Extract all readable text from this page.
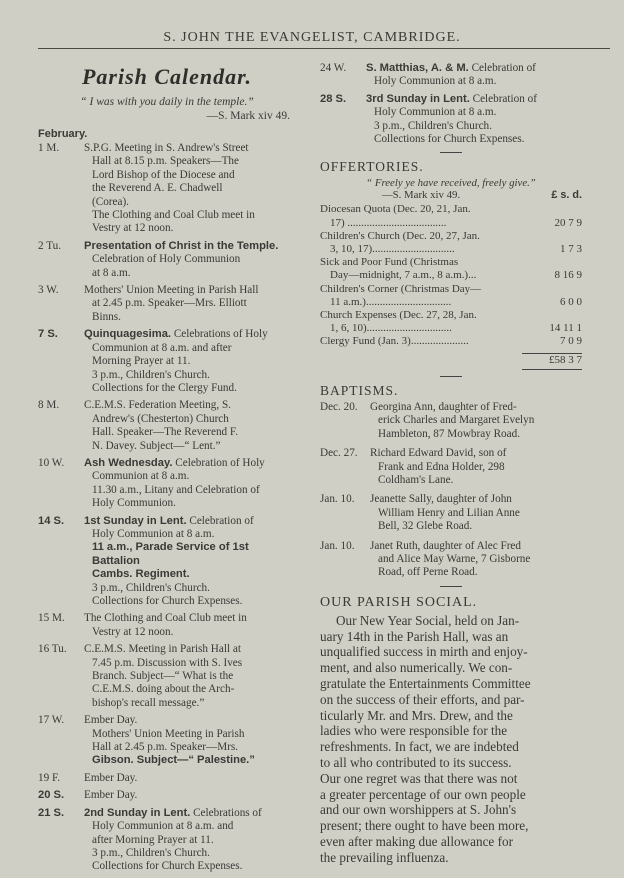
S. JOHN THE EVANGELIST, CAMBRIDGE.
Parish Calendar.
“ I was with you daily in the temple.”
—S. Mark xiv 49.
February.
1 M.	S.P.G. Meeting in S. Andrew's Street
Hall at 8.15 p.m. Speakers—The
Lord Bishop of the Diocese and
the Reverend A. E. Chadwell
(Corea).
The Clothing and Coal Club meet in
Vestry at 12 noon.
2 Tu.	Presentation of Christ in the Temple.
Celebration of Holy Communion
at 8 a.m.
3 W.	Mothers' Union Meeting in Parish Hall
at 2.45 p.m. Speaker—Mrs. Elliott
Binns.
7 S.	Quinquagesima. Celebrations of Holy
Communion at 8 a.m. and after
Morning Prayer at 11.
3 p.m., Children's Church.
Collections for the Clergy Fund.
8 M.	C.E.M.S. Federation Meeting, S.
Andrew's (Chesterton) Church
Hall. Speaker—The Reverend F.
N. Davey. Subject—“ Lent.”
10 W.	Ash Wednesday. Celebration of Holy
Communion at 8 a.m.
11.30 a.m., Litany and Celebration of
Holy Communion.
14 S.	1st Sunday in Lent. Celebration of
Holy Communion at 8 a.m.
11 a.m., Parade Service of 1st Battalion
Cambs. Regiment.
3 p.m., Children's Church.
Collections for Church Expenses.
15 M.	The Clothing and Coal Club meet in
Vestry at 12 noon.
16 Tu.	C.E.M.S. Meeting in Parish Hall at
7.45 p.m. Discussion with S. Ives
Branch. Subject—“ What is the
C.E.M.S. doing about the Arch-
bishop's recall message.”
17 W.	Ember Day.
Mothers' Union Meeting in Parish
Hall at 2.45 p.m. Speaker—Mrs.
Gibson. Subject—“ Palestine.”
19 F.	Ember Day.
20 S.	Ember Day.
21 S.	2nd Sunday in Lent. Celebrations of
Holy Communion at 8 a.m. and
after Morning Prayer at 11.
3 p.m., Children's Church.
Collections for Church Expenses.
24 W.	S. Matthias, A. & M. Celebration of
Holy Communion at 8 a.m.
28 S.	3rd Sunday in Lent. Celebration of
Holy Communion at 8 a.m.
3 p.m., Children's Church.
Collections for Church Expenses.
OFFERTORIES.
“ Freely ye have received, freely give.”
—S. Mark xiv 49.	£ s. d.
Diocesan Quota (Dec. 20, 21, Jan.
17) ....................................	20 7 9
Children's Church (Dec. 20, 27, Jan.
3, 10, 17)..............................	1 7 3
Sick and Poor Fund (Christmas
Day—midnight, 7 a.m., 8 a.m.)...	8 16 9
Children's Corner (Christmas Day—
11 a.m.)...............................	6 0 0
Church Expenses (Dec. 27, 28, Jan.
1, 6, 10)...............................	14 11 1
Clergy Fund (Jan. 3).....................	7 0 9
£58 3 7
BAPTISMS.
Dec. 20.	Georgina Ann, daughter of Fred-
erick Charles and Margaret Evelyn
Hambleton, 87 Mowbray Road.
Dec. 27.	Richard Edward David, son of
Frank and Edna Holder, 298
Coldham's Lane.
Jan. 10.	Jeanette Sally, daughter of John
William Henry and Lilian Anne
Bell, 32 Glebe Road.
Jan. 10.	Janet Ruth, daughter of Alec Fred
and Alice May Warne, 7 Gisborne
Road, off Perne Road.
OUR PARISH SOCIAL.
Our New Year Social, held on Jan-
uary 14th in the Parish Hall, was an
unqualified success in mirth and enjoy-
ment, and also numerically. We con-
gratulate the Entertainments Committee
on the success of their efforts, and par-
ticularly Mr. and Mrs. Drew, and the
ladies who were responsible for the
refreshments. In fact, we are indebted
to all who contributed to its success.
Our one regret was that there was not
a greater percentage of our own people
and our own worshippers at S. John's
present; there ought to have been more,
even after making due allowance for
the prevailing influenza.
